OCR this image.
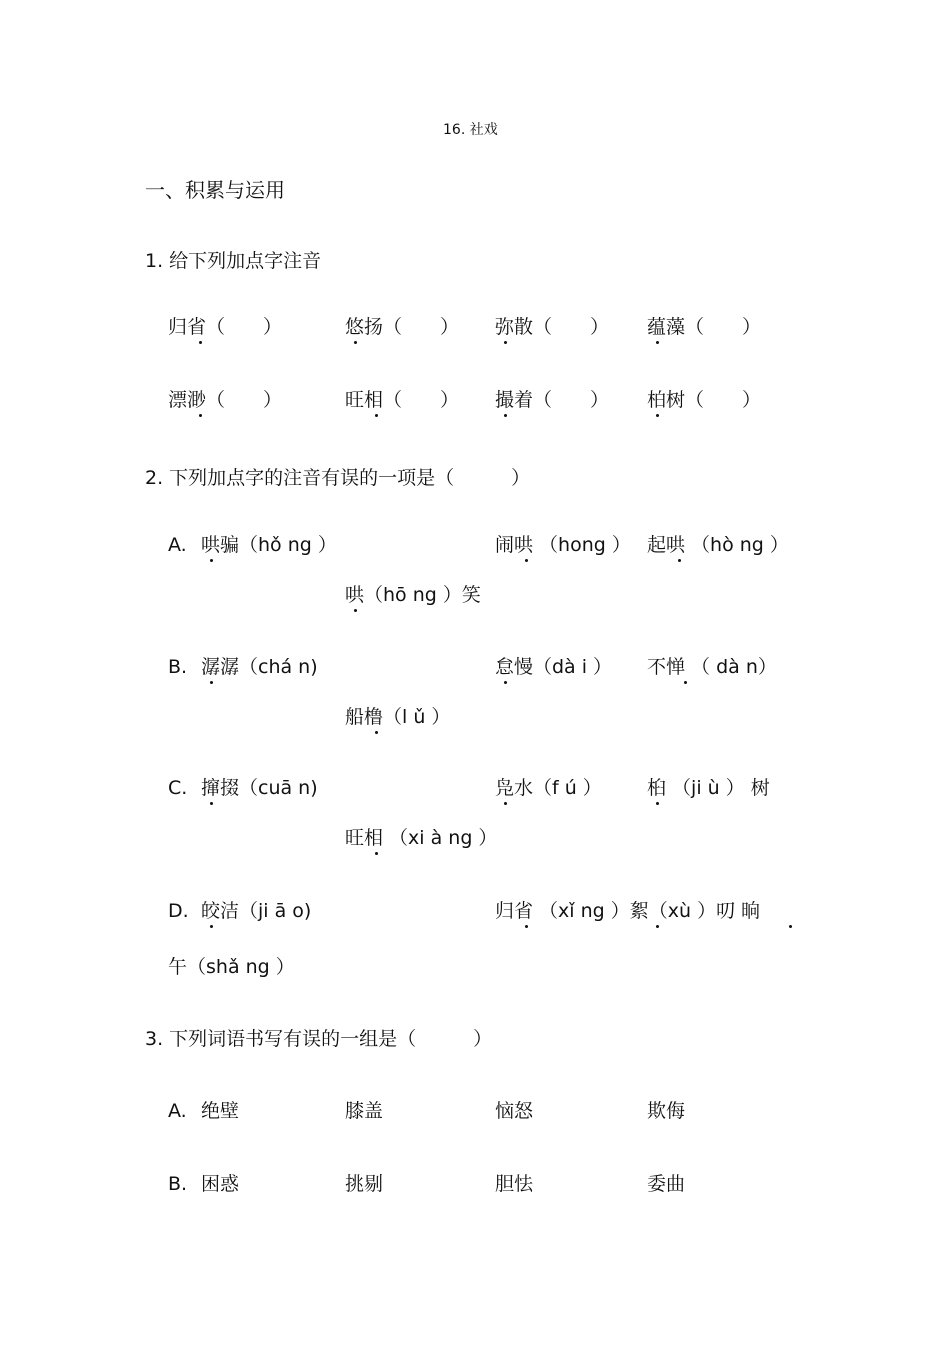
16. 社戏
一、积累与运用
1. 给下列加点字注音
归省（　　）	悠扬（　　） 弥散（　　） 蕴藻（　　）
漂渺（　　）	旺相（　　） 撮着（　　） 柏树（　　）
2. 下列加点字的注音有误的一项是（　　　）
A. 哄骗（hǒ ng ）	闹哄 （hong ） 起哄 （hò ng ）
哄（hō ng ）笑
B. 潺潺（chá n)	怠慢（dà i ） 不惮 （ dà n）
船橹（l ǔ ）
C. 撺掇（cuā n)	凫水（f ú ） 桕 （ji ù ） 树
旺相 （xi à ng ）
D. 皎洁（ji ā o)	归省 （xǐ ng ）絮（xù ）叨 晌
午（shǎ ng ）
3. 下列词语书写有误的一组是（　　　）
A. 绝壁	膝盖	恼怒	欺侮
B. 困惑	挑剔	胆怯	委曲
